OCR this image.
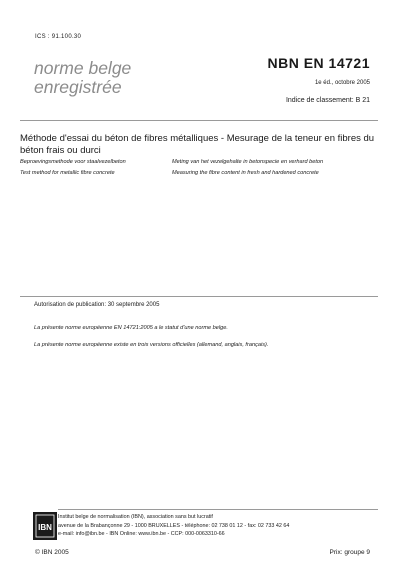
ICS : 91.100.30
norme belge
enregistrée
NBN EN 14721
1e éd., octobre 2005
Indice de classement: B 21
Méthode d'essai du béton de fibres métalliques - Mesurage de la teneur en fibres du béton frais ou durci
Beproevingsmethode voor staalvezelbeton	Meting van het vezelgehalte in betonspecie en verhard beton
Test method for metallic fibre concrete	Measuring the fibre content in fresh and hardened concrete
Autorisation de publication: 30 septembre 2005
La présente norme européenne EN 14721:2005 a le statut d'une norme belge.
La présente norme européenne existe en trois versions officielles (allemand, anglais, français).
IBN
Institut belge de normalisation (IBN), association sans but lucratif
avenue de la Brabançonne 29 - 1000 BRUXELLES - téléphone: 02 738 01 12 - fax: 02 733 42 64
e-mail: info@ibn.be - IBN Online: www.ibn.be - CCP: 000-0063310-66
© IBN 2005	Prix: groupe 9
